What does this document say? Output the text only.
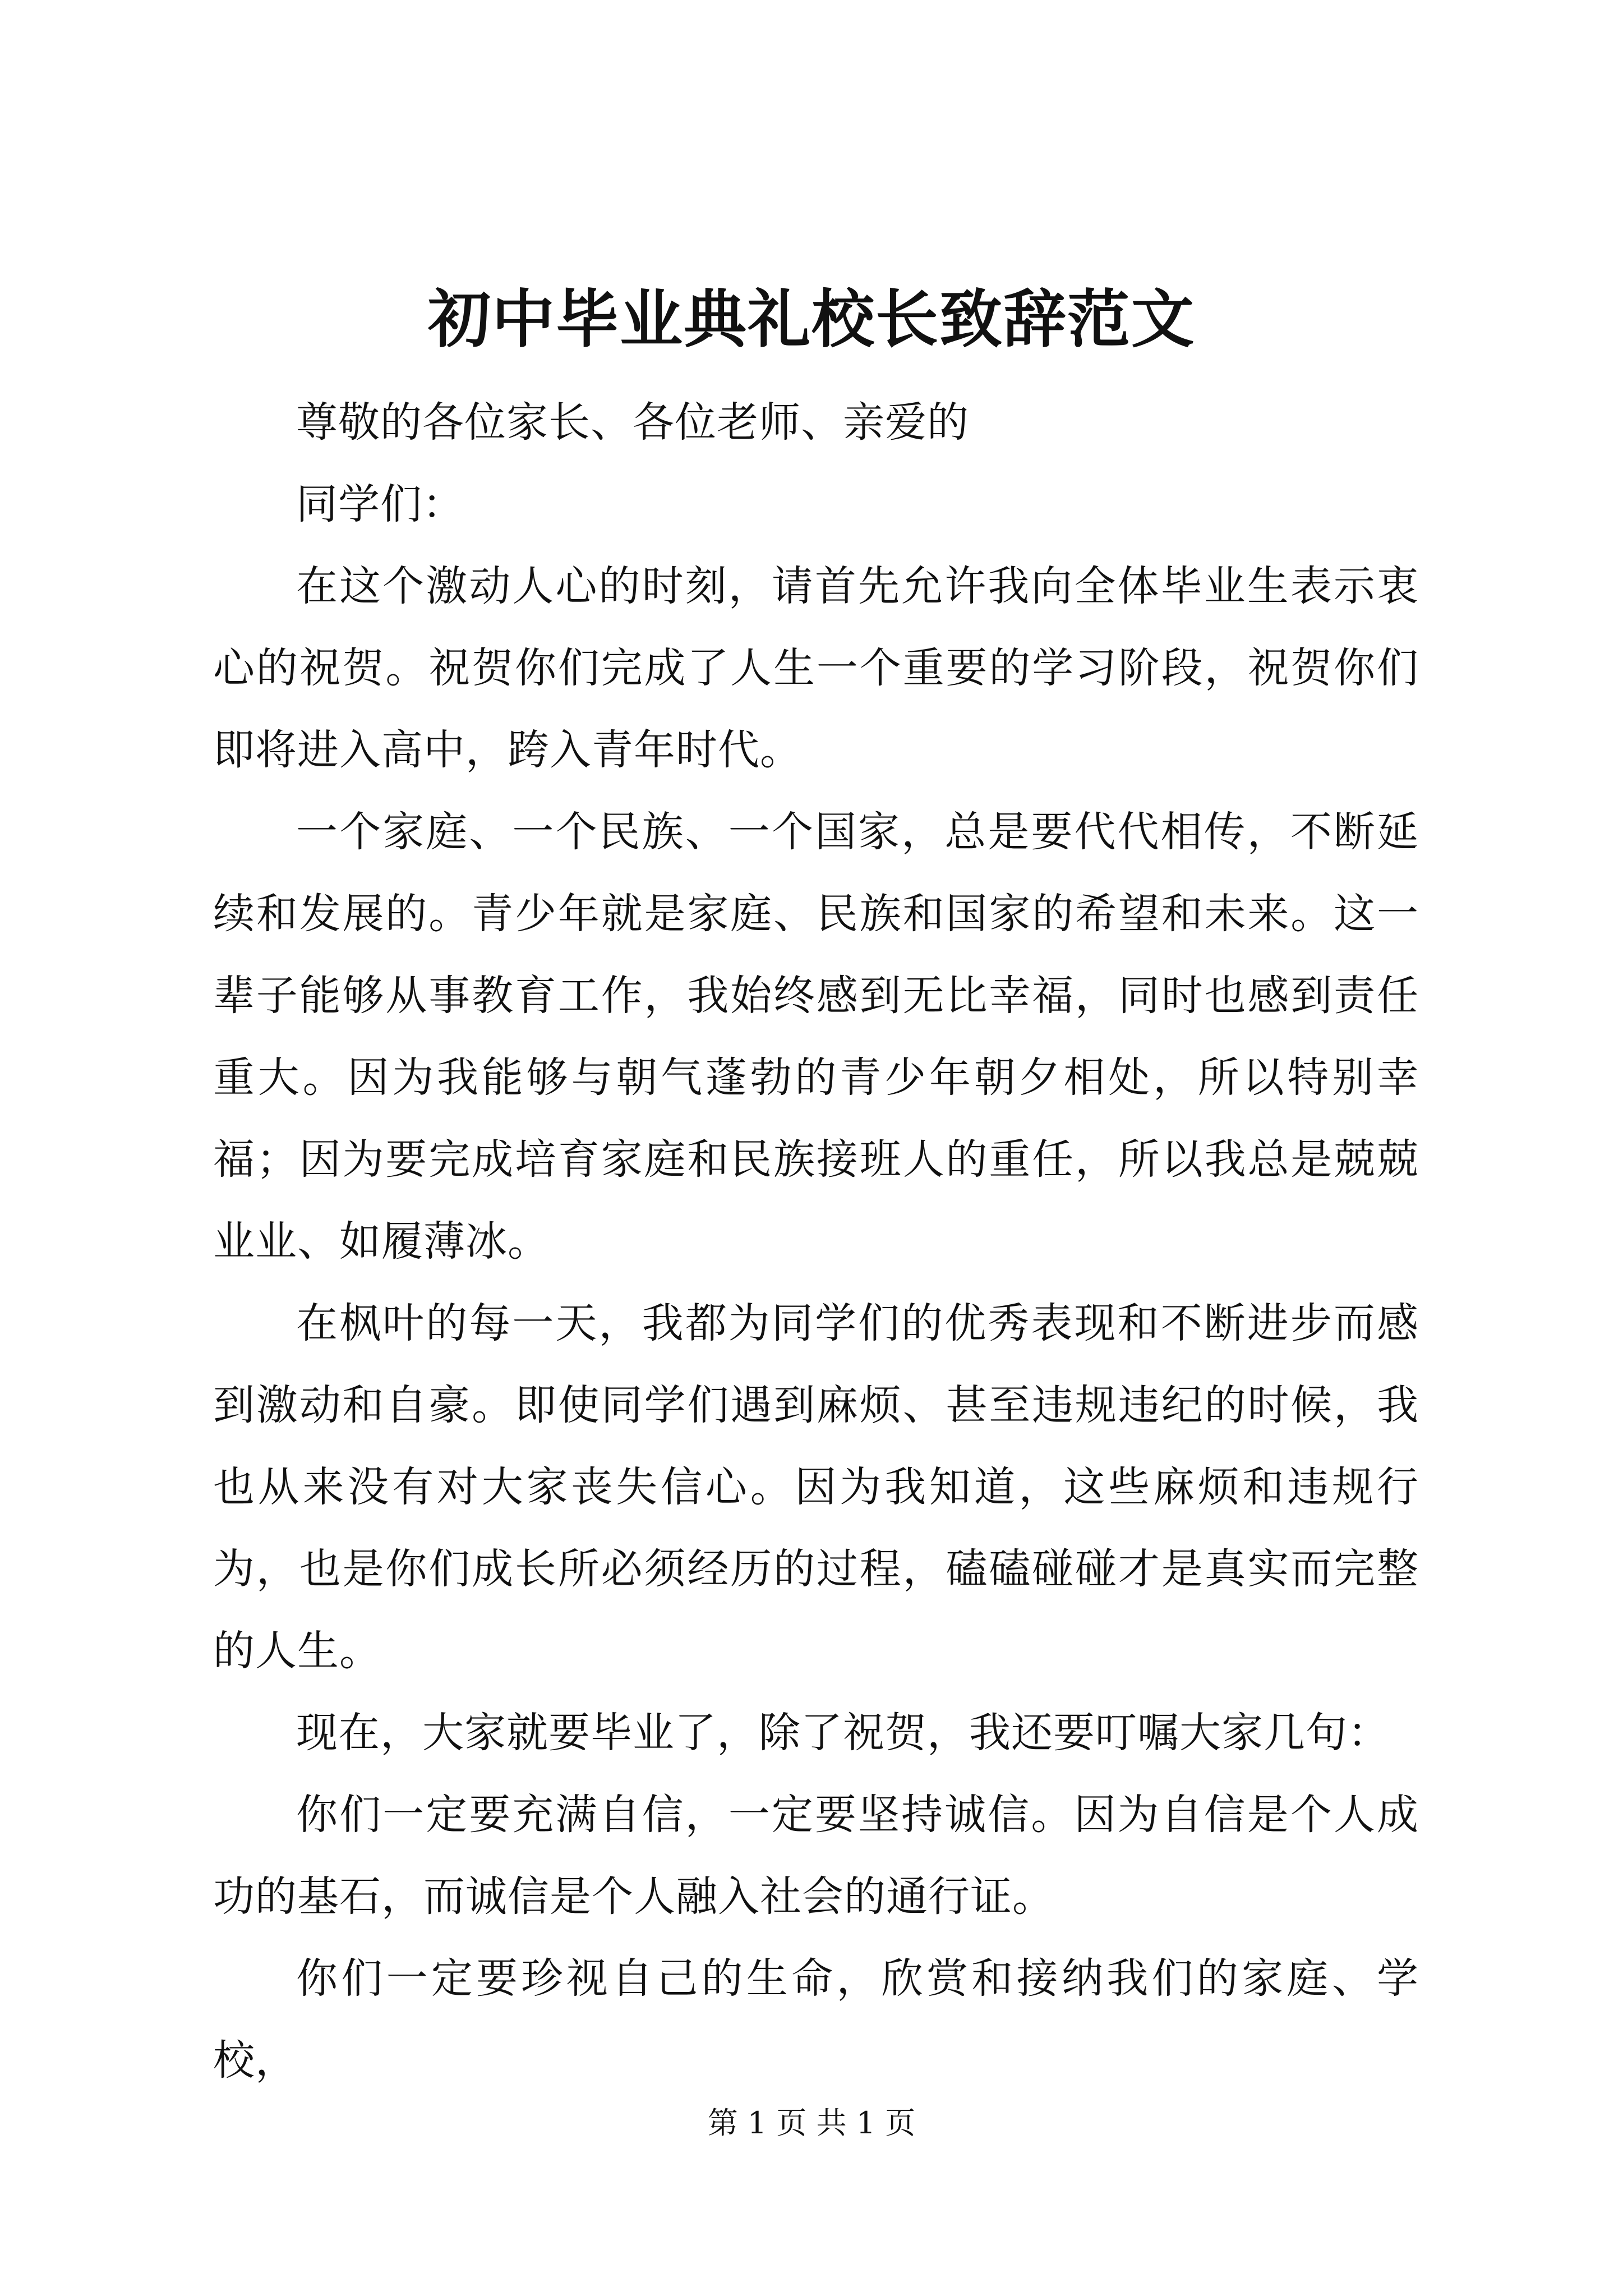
初中毕业典礼校长致辞范文

尊敬的各位家长、各位老师、亲爱的

同学们：

在这个激动人心的时刻，请首先允许我向全体毕业生表示衷心的祝贺。祝贺你们完成了人生一个重要的学习阶段，祝贺你们即将进入高中，跨入青年时代。

一个家庭、一个民族、一个国家，总是要代代相传，不断延续和发展的。青少年就是家庭、民族和国家的希望和未来。这一辈子能够从事教育工作，我始终感到无比幸福，同时也感到责任重大。因为我能够与朝气蓬勃的青少年朝夕相处，所以特别幸福；因为要完成培育家庭和民族接班人的重任，所以我总是兢兢业业、如履薄冰。

在枫叶的每一天，我都为同学们的优秀表现和不断进步而感到激动和自豪。即使同学们遇到麻烦、甚至违规违纪的时候，我也从来没有对大家丧失信心。因为我知道，这些麻烦和违规行为，也是你们成长所必须经历的过程，磕磕碰碰才是真实而完整的人生。

现在，大家就要毕业了，除了祝贺，我还要叮嘱大家几句：

你们一定要充满自信，一定要坚持诚信。因为自信是个人成功的基石，而诚信是个人融入社会的通行证。

你们一定要珍视自己的生命，欣赏和接纳我们的家庭、学校，

第 1 页 共 1 页
